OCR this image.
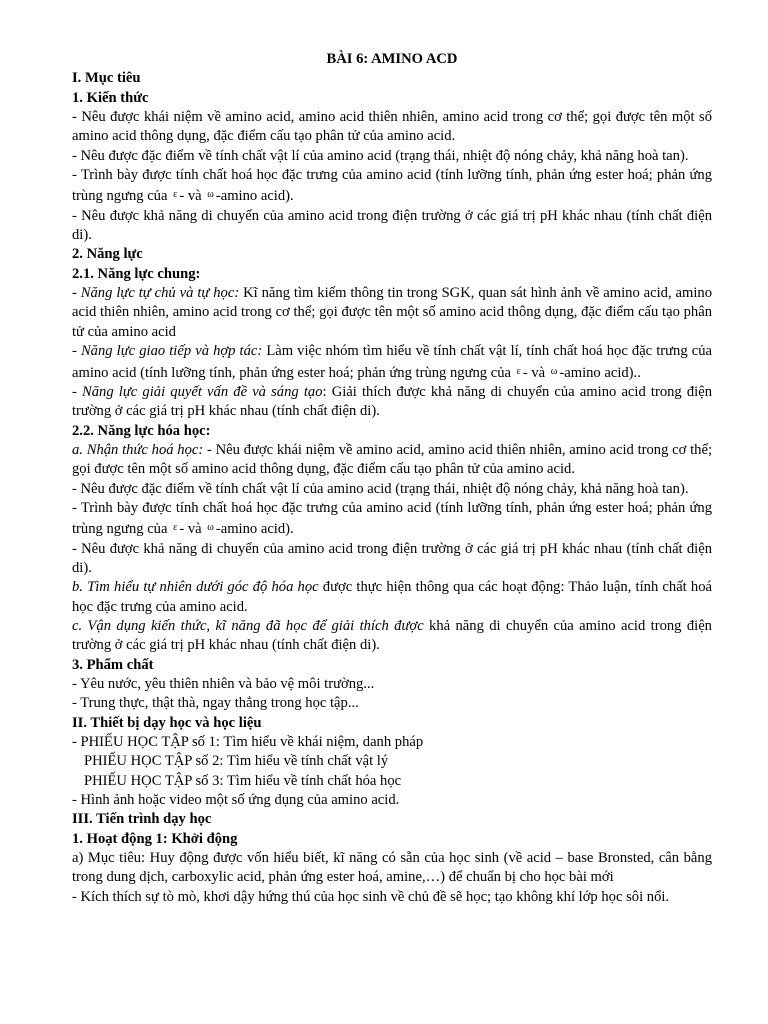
BÀI 6: AMINO ACD
I. Mục tiêu
1. Kiến thức
- Nêu được khái niệm về amino acid, amino acid thiên nhiên, amino acid trong cơ thể; gọi được tên một số amino acid thông dụng, đặc điểm cấu tạo phân tử của amino acid.
- Nêu được đặc điểm về tính chất vật lí của amino acid (trạng thái, nhiệt độ nóng chảy, khả năng hoà tan).
- Trình bày được tính chất hoá học đặc trưng của amino acid (tính lưỡng tính, phản ứng ester hoá; phản ứng trùng ngưng của $^\varepsilon$ - và $^\omega$ -amino acid).
- Nêu được khả năng di chuyển của amino acid trong điện trường ở các giá trị pH khác nhau (tính chất điện di).
2. Năng lực
2.1. Năng lực chung:
- Năng lực tự chủ và tự học: Kĩ năng tìm kiếm thông tin trong SGK, quan sát hình ảnh về amino acid, amino acid thiên nhiên, amino acid trong cơ thể; gọi được tên một số amino acid thông dụng, đặc điểm cấu tạo phân tử của amino acid
- Năng lực giao tiếp và hợp tác: Làm việc nhóm tìm hiểu về tính chất vật lí, tính chất hoá học đặc trưng của amino acid (tính lưỡng tính, phản ứng ester hoá; phản ứng trùng ngưng của $^\varepsilon$ - và $^\omega$ -amino acid)..
- Năng lực giải quyết vấn đề và sáng tạo: Giải thích được khả năng di chuyển của amino acid trong điện trường ở các giá trị pH khác nhau (tính chất điện di).
2.2. Năng lực hóa học:
a. Nhận thức hoá học: - Nêu được khái niệm về amino acid, amino acid thiên nhiên, amino acid trong cơ thể; gọi được tên một số amino acid thông dụng, đặc điểm cấu tạo phân tử của amino acid.
- Nêu được đặc điểm về tính chất vật lí của amino acid (trạng thái, nhiệt độ nóng chảy, khả năng hoà tan).
- Trình bày được tính chất hoá học đặc trưng của amino acid (tính lưỡng tính, phản ứng ester hoá; phản ứng trùng ngưng của $^\varepsilon$ - và $^\omega$ -amino acid).
- Nêu được khả năng di chuyển của amino acid trong điện trường ở các giá trị pH khác nhau (tính chất điện di).
b. Tìm hiểu tự nhiên dưới góc độ hóa học được thực hiện thông qua các hoạt động: Thảo luận, tính chất hoá học đặc trưng của amino acid.
c. Vận dụng kiến thức, kĩ năng đã học để giải thích được khả năng di chuyển của amino acid trong điện trường ở các giá trị pH khác nhau (tính chất điện di).
3. Phẩm chất
- Yêu nước, yêu thiên nhiên và bảo vệ môi trường...
- Trung thực, thật thà, ngay thẳng trong học tập...
II. Thiết bị dạy học và học liệu
- PHIẾU HỌC TẬP số 1: Tìm hiểu về khái niệm, danh pháp
PHIẾU HỌC TẬP số 2: Tìm hiểu về tính chất vật lý
PHIẾU HỌC TẬP số 3: Tìm hiểu về tính chất hóa học
- Hình ảnh hoặc video một số ứng dụng của amino acid.
III. Tiến trình dạy học
1. Hoạt động 1: Khởi động
a) Mục tiêu: Huy động được vốn hiểu biết, kĩ năng có sẵn của học sinh (về acid – base Bronsted, cân bằng trong dung dịch, carboxylic acid, phản ứng ester hoá, amine,…) để chuẩn bị cho học bài mới
- Kích thích sự tò mò, khơi dậy hứng thú của học sinh về chủ đề sẽ học; tạo không khí lớp học sôi nổi.
